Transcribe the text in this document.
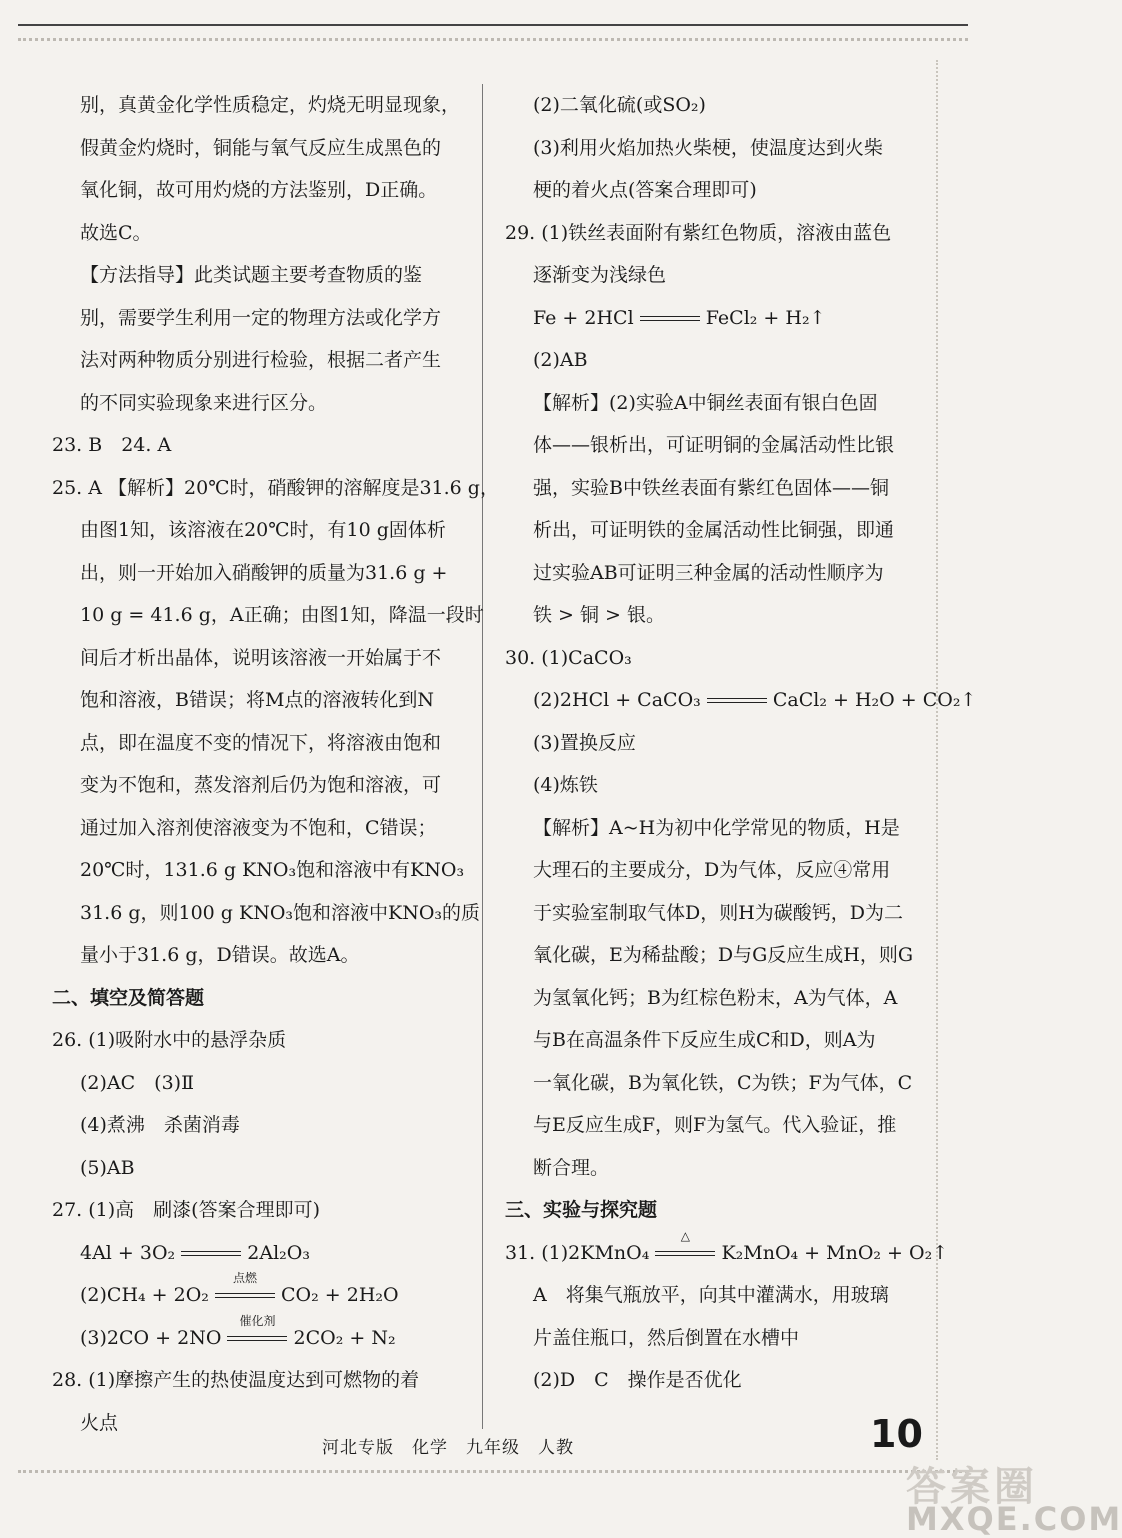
别，真黄金化学性质稳定，灼烧无明显现象，

假黄金灼烧时，铜能与氧气反应生成黑色的

氧化铜，故可用灼烧的方法鉴别，D正确。

故选C。

【方法指导】此类试题主要考查物质的鉴

别，需要学生利用一定的物理方法或化学方

法对两种物质分别进行检验，根据二者产生

的不同实验现象来进行区分。

23. B　24. A

25. A 【解析】20℃时，硝酸钾的溶解度是31.6 g，

由图1知，该溶液在20℃时，有10 g固体析

出，则一开始加入硝酸钾的质量为31.6 g +

10 g = 41.6 g，A正确；由图1知，降温一段时

间后才析出晶体，说明该溶液一开始属于不

饱和溶液，B错误；将M点的溶液转化到N

点，即在温度不变的情况下，将溶液由饱和

变为不饱和，蒸发溶剂后仍为饱和溶液，可

通过加入溶剂使溶液变为不饱和，C错误；

20℃时，131.6 g KNO₃饱和溶液中有KNO₃

31.6 g，则100 g KNO₃饱和溶液中KNO₃的质

量小于31.6 g，D错误。故选A。

二、填空及简答题

26. (1)吸附水中的悬浮杂质

(2)AC　(3)Ⅱ

(4)煮沸　杀菌消毒

(5)AB

27. (1)高　刷漆(答案合理即可)

4Al + 3O₂	2Al₂O₃

(2)CH₄ + 2O₂
点燃
CO₂ + 2H₂O

(3)2CO + 2NO
催化剂
2CO₂ + N₂

28. (1)摩擦产生的热使温度达到可燃物的着

火点

(2)二氧化硫(或SO₂)

(3)利用火焰加热火柴梗，使温度达到火柴

梗的着火点(答案合理即可)

29. (1)铁丝表面附有紫红色物质，溶液由蓝色

逐渐变为浅绿色

Fe + 2HCl	FeCl₂ + H₂↑

(2)AB

【解析】(2)实验A中铜丝表面有银白色固

体——银析出，可证明铜的金属活动性比银

强，实验B中铁丝表面有紫红色固体——铜

析出，可证明铁的金属活动性比铜强，即通

过实验AB可证明三种金属的活动性顺序为

铁 > 铜 > 银。

30. (1)CaCO₃

(2)2HCl + CaCO₃	CaCl₂ + H₂O + CO₂↑

(3)置换反应

(4)炼铁

【解析】A~H为初中化学常见的物质，H是

大理石的主要成分，D为气体，反应④常用

于实验室制取气体D，则H为碳酸钙，D为二

氧化碳，E为稀盐酸；D与G反应生成H，则G

为氢氧化钙；B为红棕色粉末，A为气体，A

与B在高温条件下反应生成C和D，则A为

一氧化碳，B为氧化铁，C为铁；F为气体，C

与E反应生成F，则F为氢气。代入验证，推

断合理。

三、实验与探究题

31. (1)2KMnO₄
△
K₂MnO₄ + MnO₂ + O₂↑

A　将集气瓶放平，向其中灌满水，用玻璃

片盖住瓶口，然后倒置在水槽中

(2)D　C　操作是否优化

河北专版　化学　九年级　人教	10
答案圈
MXQE.COM
